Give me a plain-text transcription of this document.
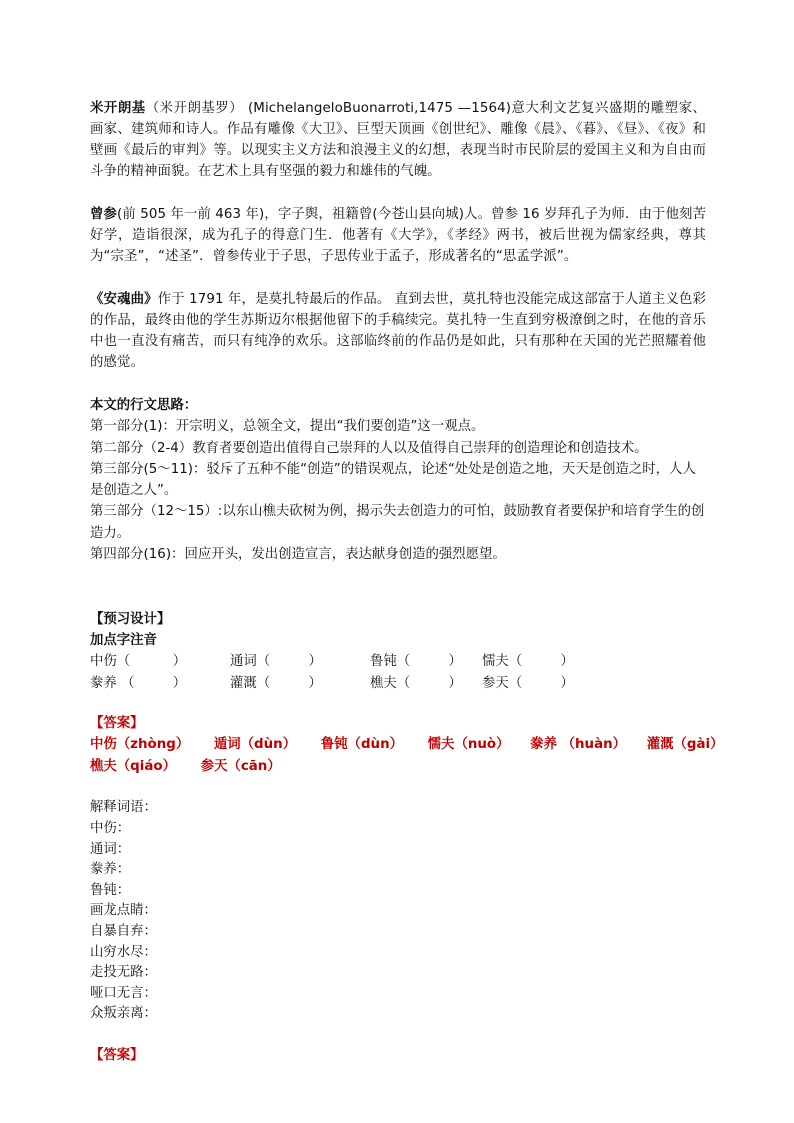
米开朗基（米开朗基罗） (MichelangeloBuonarroti,1475 —1564)意大利文艺复兴盛期的雕塑家、画家、建筑师和诗人。作品有雕像《大卫》、巨型天顶画《创世纪》、雕像《晨》、《暮》、《昼》、《夜》和壁画《最后的审判》等。以现实主义方法和浪漫主义的幻想，表现当时市民阶层的爱国主义和为自由而斗争的精神面貌。在艺术上具有坚强的毅力和雄伟的气魄。

曾参(前 505 年一前 463 年)，字子舆，祖籍曾(今苍山县向城)人。曾参 16 岁拜孔子为师．由于他刻苦好学，造诣很深，成为孔子的得意门生．他著有《大学》，《孝经》两书，被后世视为儒家经典，尊其为“宗圣”，“述圣”．曾参传业于子思，子思传业于孟子，形成著名的“思孟学派”。

《安魂曲》作于 1791 年，是莫扎特最后的作品。 直到去世，莫扎特也没能完成这部富于人道主义色彩的作品，最终由他的学生苏斯迈尔根据他留下的手稿续完。莫扎特一生直到穷极潦倒之时，在他的音乐中也一直没有痛苦，而只有纯净的欢乐。这部临终前的作品仍是如此，只有那种在天国的光芒照耀着他的感觉。

本文的行文思路：
第一部分(1)：开宗明义，总领全文，提出“我们要创造”这一观点。
第二部分（2-4）教育者要创造出值得自己崇拜的人以及值得自己崇拜的创造理论和创造技术。
第三部分(5～11)：驳斥了五种不能“创造”的错误观点，论述“处处是创造之地，天天是创造之时，人人是创造之人”。
第三部分（12～15）:以东山樵夫砍树为例，揭示失去创造力的可怕，鼓励教育者要保护和培育学生的创造力。
第四部分(16)：回应开头，发出创造宣言，表达献身创造的强烈愿望。

【预习设计】

加点字注音

中伤（          ）	通词（         ）	鲁钝（         ）	懦夫（         ）
豢养 （         ）	灌溉（         ）	樵夫（         ）	参天（         ）

【答案】

中伤（zhòng） 遁词（dùn） 鲁钝（dùn） 懦夫（nuò） 豢养 （huàn） 灌溉（gài）
樵夫（qiáo） 参天（cān）
解释词语：
中伤：
通词：
豢养：
鲁钝：
画龙点睛：
自暴自弃：
山穷水尽：
走投无路：
哑口无言：
众叛亲离：

【答案】
